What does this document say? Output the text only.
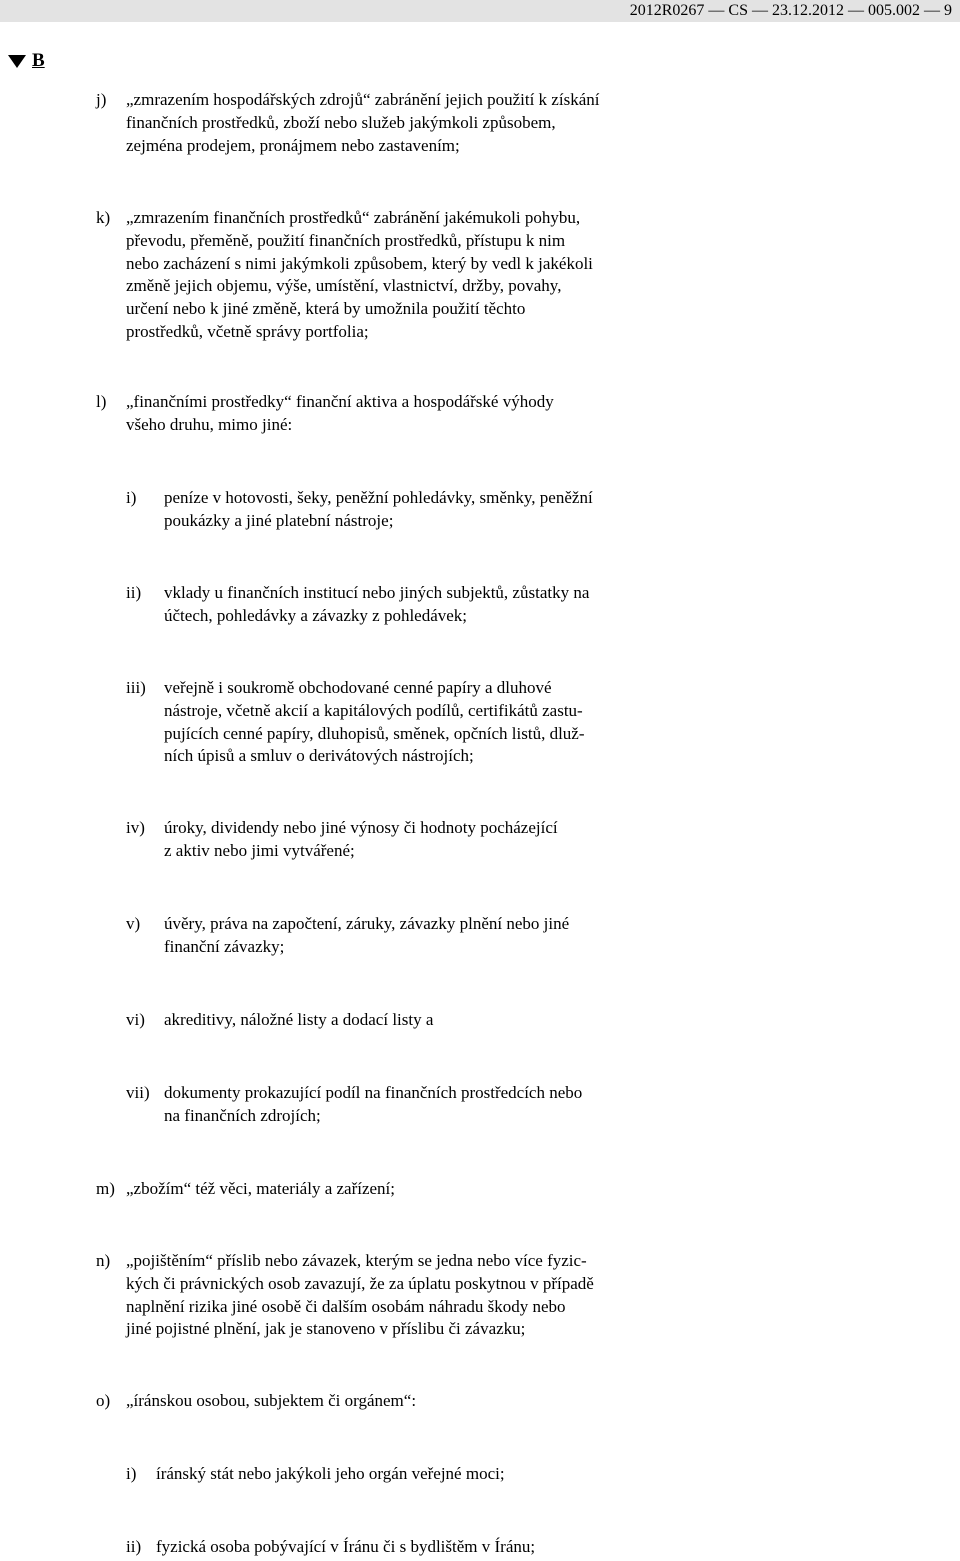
2012R0267 — CS — 23.12.2012 — 005.002 — 9
B
j) „zmrazením hospodářských zdrojů“ zabránění jejich použití k získání
finančních prostředků, zboží nebo služeb jakýmkoli způsobem,
zejména prodejem, pronájmem nebo zastavením;
k) „zmrazením finančních prostředků“ zabránění jakémukoli pohybu,
převodu, přeměně, použití finančních prostředků, přístupu k nim
nebo zacházení s nimi jakýmkoli způsobem, který by vedl k jakékoli
změně jejich objemu, výše, umístění, vlastnictví, držby, povahy,
určení nebo k jiné změně, která by umožnila použití těchto
prostředků, včetně správy portfolia;
l) „finančními prostředky“ finanční aktiva a hospodářské výhody
všeho druhu, mimo jiné:
i) peníze v hotovosti, šeky, peněžní pohledávky, směnky, peněžní
poukázky a jiné platební nástroje;
ii) vklady u finančních institucí nebo jiných subjektů, zůstatky na
účtech, pohledávky a závazky z pohledávek;
iii) veřejně i soukromě obchodované cenné papíry a dluhové
nástroje, včetně akcií a kapitálových podílů, certifikátů zastu-
pujících cenné papíry, dluhopisů, směnek, opčních listů, dluž-
ních úpisů a smluv o derivátových nástrojích;
iv) úroky, dividendy nebo jiné výnosy či hodnoty pocházející
z aktiv nebo jimi vytvářené;
v) úvěry, práva na započtení, záruky, závazky plnění nebo jiné
finanční závazky;
vi) akreditivy, náložné listy a dodací listy a
vii) dokumenty prokazující podíl na finančních prostředcích nebo
na finančních zdrojích;
m) „zbožím“ též věci, materiály a zařízení;
n) „pojištěním“ příslib nebo závazek, kterým se jedna nebo více fyzic-
kých či právnických osob zavazují, že za úplatu poskytnou v případě
naplnění rizika jiné osobě či dalším osobám náhradu škody nebo
jiné pojistné plnění, jak je stanoveno v příslibu či závazku;
o) „íránskou osobou, subjektem či orgánem“:
i) íránský stát nebo jakýkoli jeho orgán veřejné moci;
ii) fyzická osoba pobývající v Íránu či s bydlištěm v Íránu;
